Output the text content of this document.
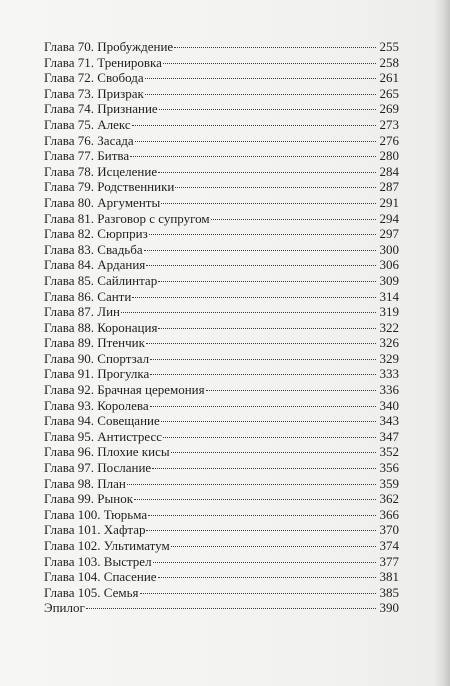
Глава 70. Пробуждение	255
Глава 71. Тренировка	258
Глава 72. Свобода	261
Глава 73. Призрак	265
Глава 74. Признание	269
Глава 75. Алекс	273
Глава 76. Засада	276
Глава 77. Битва	280
Глава 78. Исцеление	284
Глава 79. Родственники	287
Глава 80. Аргументы	291
Глава 81. Разговор с супругом	294
Глава 82. Сюрприз	297
Глава 83. Свадьба	300
Глава 84. Ардания	306
Глава 85. Сайлинтар	309
Глава 86. Санти	314
Глава 87. Лин	319
Глава 88. Коронация	322
Глава 89. Птенчик	326
Глава 90. Спортзал	329
Глава 91. Прогулка	333
Глава 92. Брачная церемония	336
Глава 93. Королева	340
Глава 94. Совещание	343
Глава 95. Антистресс	347
Глава 96. Плохие кисы	352
Глава 97. Послание	356
Глава 98. План	359
Глава 99. Рынок	362
Глава 100. Тюрьма	366
Глава 101. Хафтар	370
Глава 102. Ультиматум	374
Глава 103. Выстрел	377
Глава 104. Спасение	381
Глава 105. Семья	385
Эпилог	390
